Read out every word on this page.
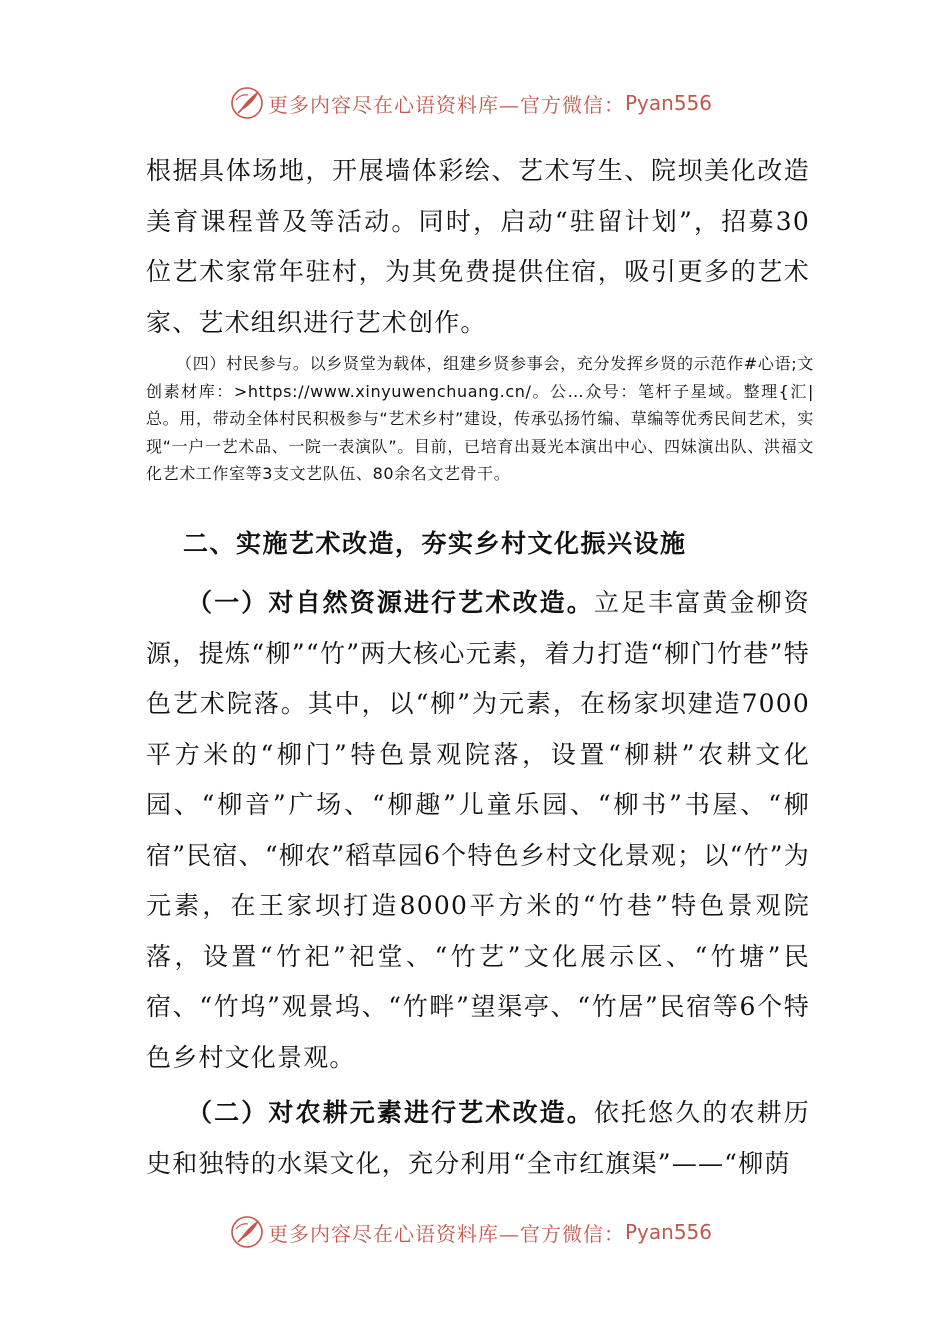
更多内容尽在心语资料库—官方微信： Pyan556

根据具体场地，开展墙体彩绘、艺术写生、院坝美化改造美育课程普及等活动。同时，启动“驻留计划”，招募30位艺术家常年驻村，为其免费提供住宿，吸引更多的艺术家、艺术组织进行艺术创作。

（四）村民参与。以乡贤堂为载体，组建乡贤参事会，充分发挥乡贤的示范作#心语;文创素材库：>https://www.xinyuwenchuang.cn/。公…众号：笔杆子星域。整理{汇|总。用，带动全体村民积极参与“艺术乡村”建设，传承弘扬竹编、草编等优秀民间艺术，实现“一户一艺术品、一院一表演队”。目前，已培育出聂光本演出中心、四妹演出队、洪福文化艺术工作室等3支文艺队伍、80余名文艺骨干。

二、实施艺术改造，夯实乡村文化振兴设施

（一）对自然资源进行艺术改造。立足丰富黄金柳资源，提炼“柳”“竹”两大核心元素，着力打造“柳门竹巷”特色艺术院落。其中，以“柳”为元素，在杨家坝建造7000平方米的“柳门”特色景观院落，设置“柳耕”农耕文化园、“柳音”广场、“柳趣”儿童乐园、“柳书”书屋、“柳宿”民宿、“柳农”稻草园6个特色乡村文化景观；以“竹”为元素，在王家坝打造8000平方米的“竹巷”特色景观院落，设置“竹祀”祀堂、“竹艺”文化展示区、“竹塘”民宿、“竹坞”观景坞、“竹畔”望渠亭、“竹居”民宿等6个特色乡村文化景观。

（二）对农耕元素进行艺术改造。依托悠久的农耕历史和独特的水渠文化，充分利用“全市红旗渠”——“柳荫

更多内容尽在心语资料库—官方微信： Pyan556
